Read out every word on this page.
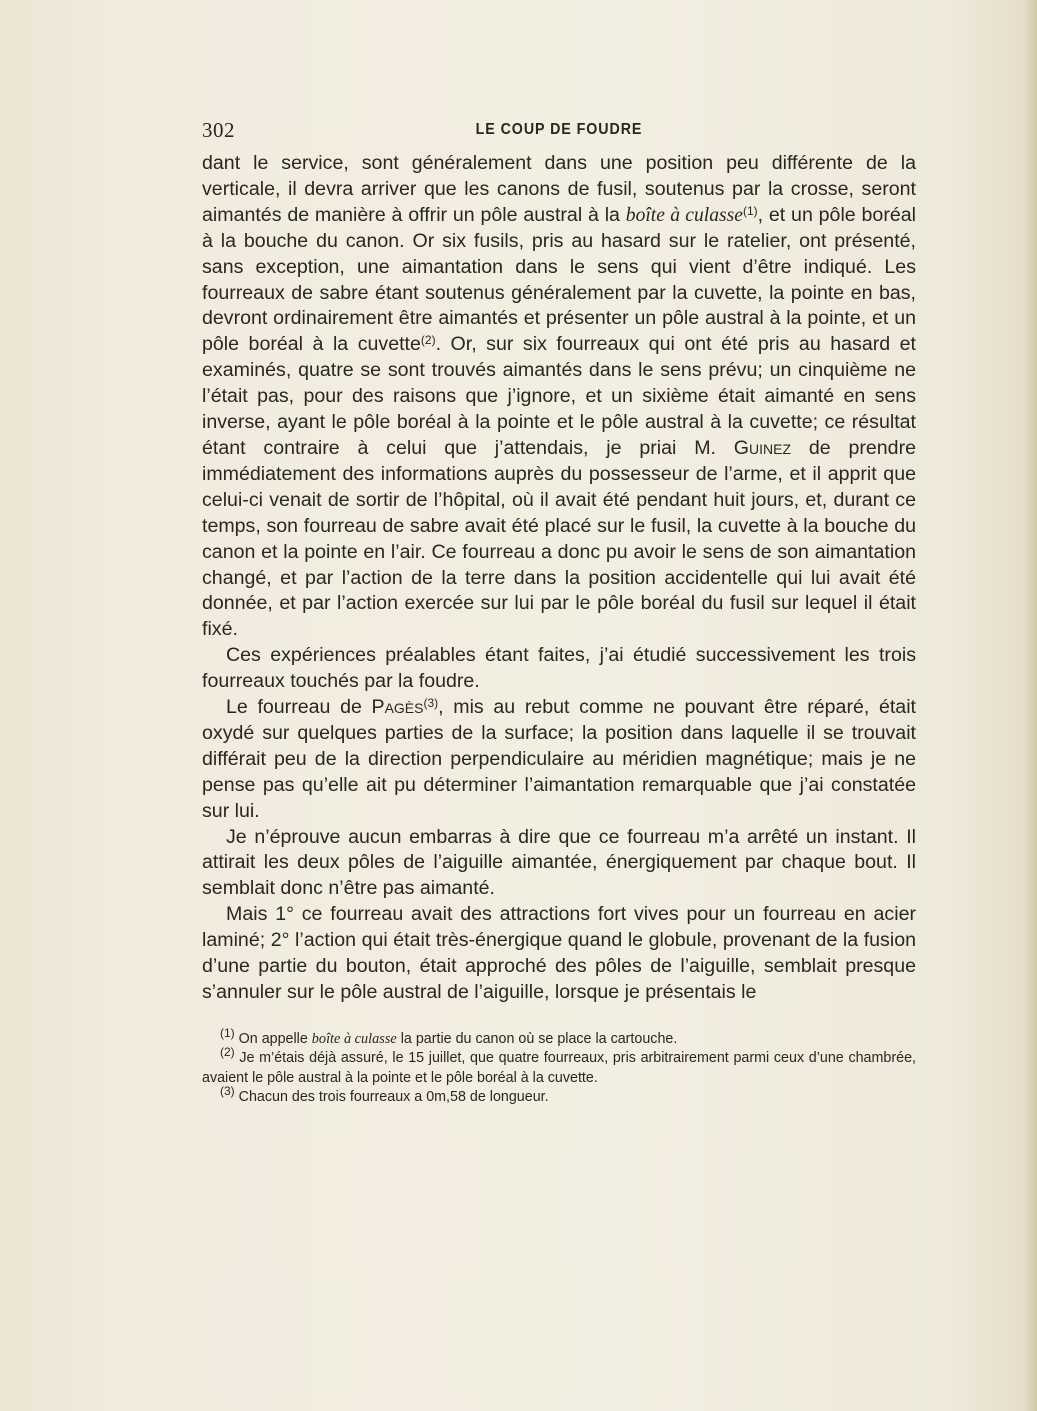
302	LE COUP DE FOUDRE

dant le service, sont généralement dans une position peu différente de la verticale, il devra arriver que les canons de fusil, soutenus par la crosse, seront aimantés de manière à offrir un pôle austral à la boîte à culasse$^{(1)}$, et un pôle boréal à la bouche du canon. Or six fusils, pris au hasard sur le ratelier, ont présenté, sans exception, une aimantation dans le sens qui vient d’être indiqué. Les fourreaux de sabre étant soutenus généralement par la cuvette, la pointe en bas, devront ordinairement être aimantés et présenter un pôle austral à la pointe, et un pôle boréal à la cuvette$^{(2)}$. Or, sur six fourreaux qui ont été pris au hasard et examinés, quatre se sont trouvés aimantés dans le sens prévu; un cinquième ne l’était pas, pour des raisons que j’ignore, et un sixième était aimanté en sens inverse, ayant le pôle boréal à la pointe et le pôle austral à la cuvette; ce résultat étant contraire à celui que j’attendais, je priai M. Guinez de prendre immédiatement des informations auprès du possesseur de l’arme, et il apprit que celui-ci venait de sortir de l’hôpital, où il avait été pendant huit jours, et, durant ce temps, son fourreau de sabre avait été placé sur le fusil, la cuvette à la bouche du canon et la pointe en l’air. Ce fourreau a donc pu avoir le sens de son aimantation changé, et par l’action de la terre dans la position accidentelle qui lui avait été donnée, et par l’action exercée sur lui par le pôle boréal du fusil sur lequel il était fixé.

Ces expériences préalables étant faites, j’ai étudié successivement les trois fourreaux touchés par la foudre.

Le fourreau de Pagès$^{(3)}$, mis au rebut comme ne pouvant être réparé, était oxydé sur quelques parties de la surface; la position dans laquelle il se trouvait différait peu de la direction perpendiculaire au méridien magnétique; mais je ne pense pas qu’elle ait pu déterminer l’aimantation remarquable que j’ai constatée sur lui.

Je n’éprouve aucun embarras à dire que ce fourreau m’a arrêté un instant. Il attirait les deux pôles de l’aiguille aimantée, énergiquement par chaque bout. Il semblait donc n’être pas aimanté.

Mais 1° ce fourreau avait des attractions fort vives pour un fourreau en acier laminé; 2° l’action qui était très-énergique quand le globule, provenant de la fusion d’une partie du bouton, était approché des pôles de l’aiguille, semblait presque s’annuler sur le pôle austral de l’aiguille, lorsque je présentais le

$^{(1)}$ On appelle boîte à culasse la partie du canon où se place la cartouche.

$^{(2)}$ Je m’étais déjà assuré, le 15 juillet, que quatre fourreaux, pris arbitrairement parmi ceux d’une chambrée, avaient le pôle austral à la pointe et le pôle boréal à la cuvette.

$^{(3)}$ Chacun des trois fourreaux a 0m,58 de longueur.
